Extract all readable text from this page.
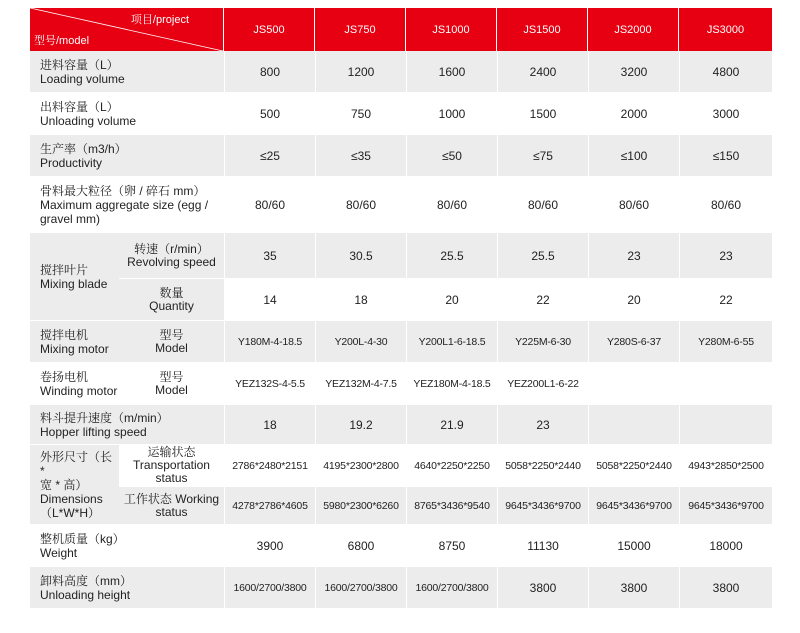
项目/project
型号/model		JS500	JS750	JS1000	JS1500	JS2000	JS3000

进料容量（L）
Loading volume		800	1200	1600	2400	3200	4800

出料容量（L）
Unloading volume		500	750	1000	1500	2000	3000

生产率（m3/h）
Productivity		≤25	≤35	≤50	≤75	≤100	≤150

骨料最大粒径（卵 / 碎石 mm）
Maximum aggregate size (egg /
gravel mm)		80/60	80/60	80/60	80/60	80/60	80/60

搅拌叶片
Mixing blade	转速（r/min）
Revolving speed	35	30.5	25.5	25.5	23	23

	数量
Quantity	14	18	20	22	20	22

搅拌电机
Mixing motor	型号
Model	Y180M-4-18.5	Y200L-4-30	Y200L1-6-18.5	Y225M-6-30	Y280S-6-37	Y280M-6-55

卷扬电机
Winding motor	型号
Model	YEZ132S-4-5.5	YEZ132M-4-7.5	YEZ180M-4-18.5	YEZ200L1-6-22		

料斗提升速度（m/min）
Hopper lifting speed		18	19.2	21.9	23		

外形尺寸（长 *
宽 * 高）
Dimensions
（L*W*H）	运输状态
Transportation
status	2786*2480*2151	4195*2300*2800	4640*2250*2250	5058*2250*2440	5058*2250*2440	4943*2850*2500

	工作状态 Working
status	4278*2786*4605	5980*2300*6260	8765*3436*9540	9645*3436*9700	9645*3436*9700	9645*3436*9700

整机质量（kg）
Weight		3900	6800	8750	11130	15000	18000

卸料高度（mm）
Unloading height		1600/2700/3800	1600/2700/3800	1600/2700/3800	3800	3800	3800
